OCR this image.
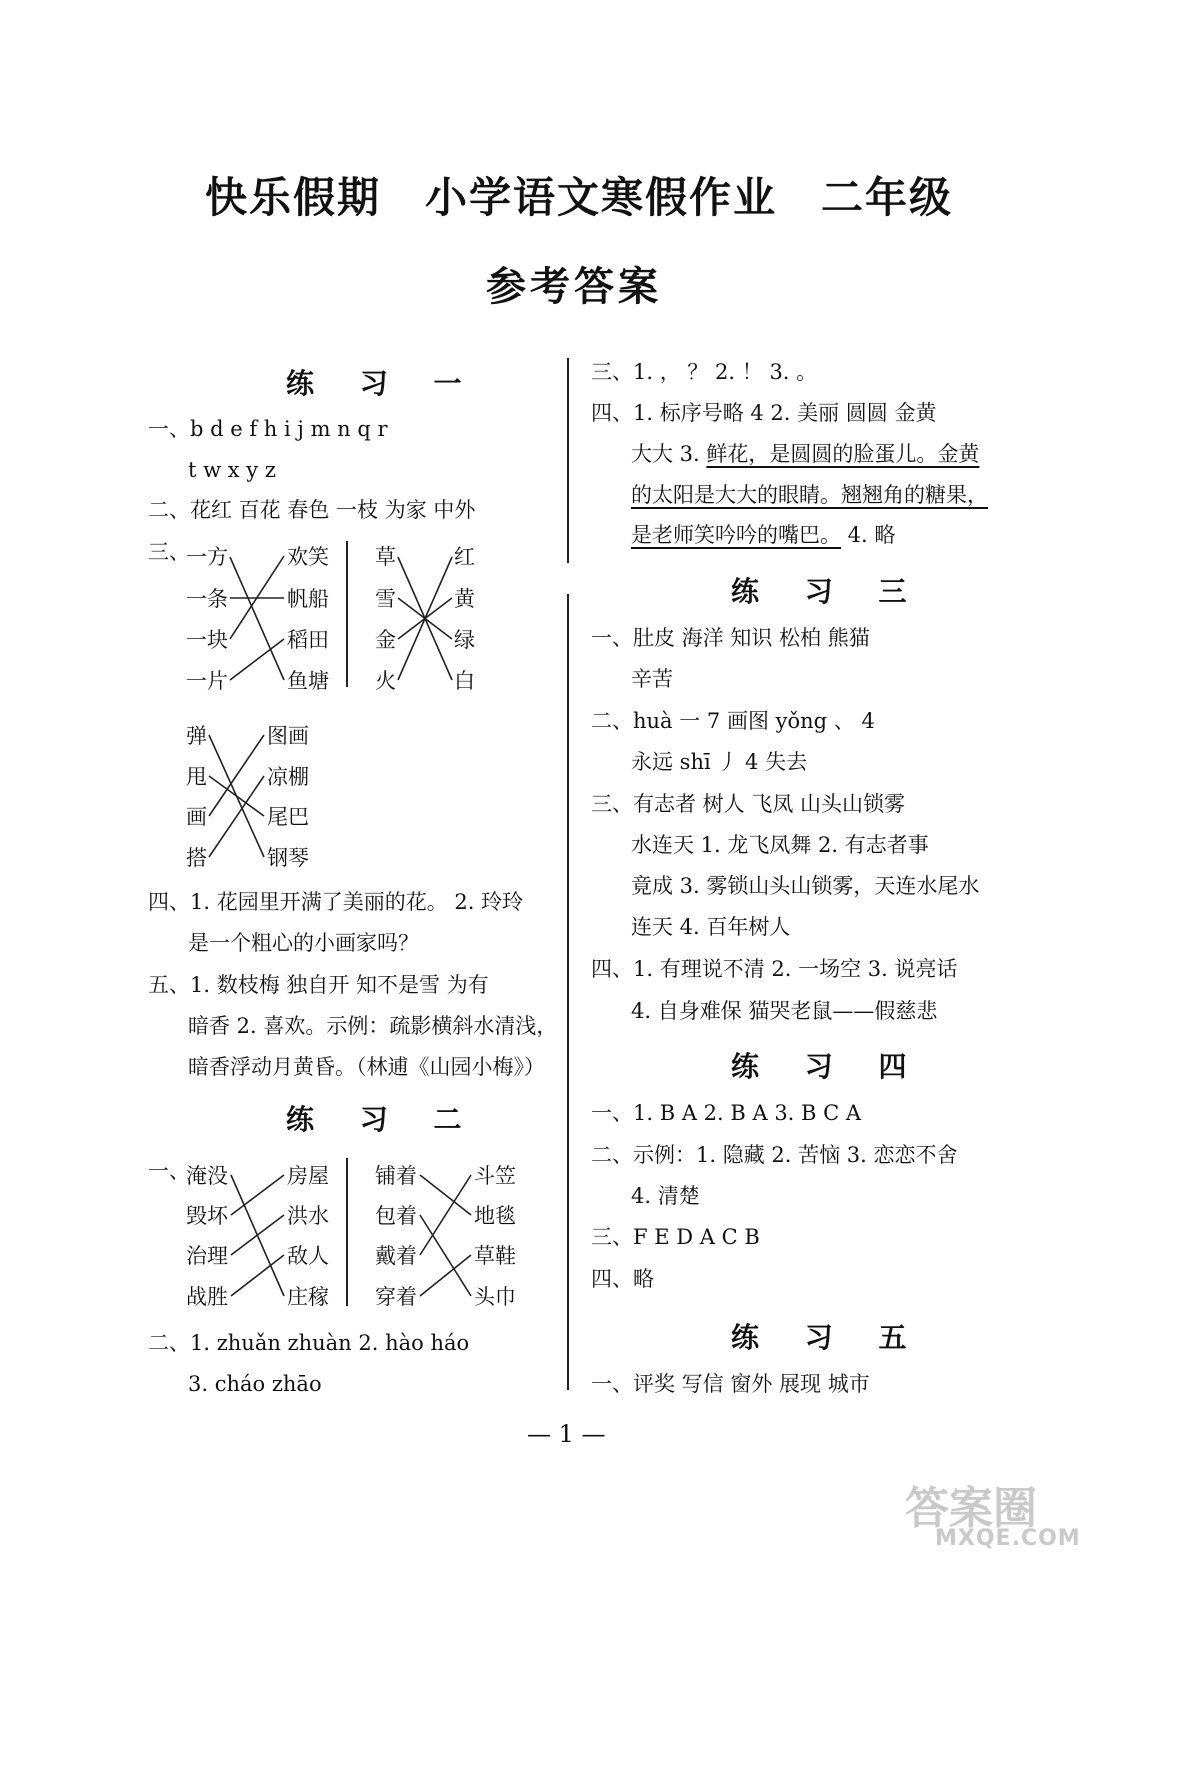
快乐假期　小学语文寒假作业　二年级
参考答案
练 习 一
一、b d e f h i j m n q r
t w x y z
二、花红 百花 春色 一枝 为家 中外
三、
一方
一条
一块
一片
欢笑
帆船
稻田
鱼塘
草
雪
金
火
红
黄
绿
白
弹
甩
画
搭
图画
凉棚
尾巴
钢琴
四、1. 花园里开满了美丽的花。 2. 玲玲
是一个粗心的小画家吗？
五、1. 数枝梅 独自开 知不是雪 为有
暗香 2. 喜欢。示例：疏影横斜水清浅，
暗香浮动月黄昏。（林逋《山园小梅》）
练 习 二
一、
淹没
毁坏
治理
战胜
房屋
洪水
敌人
庄稼
铺着
包着
戴着
穿着
斗笠
地毯
草鞋
头巾
二、1. zhuǎn zhuàn 2. hào háo
3. cháo zhāo
三、1. ， ？ 2. ！ 3. 。
四、1. 标序号略 4 2. 美丽 圆圆 金黄
大大 3. 鲜花，是圆圆的脸蛋儿。金黄
的太阳是大大的眼睛。翘翘角的糖果，
是老师笑吟吟的嘴巴。 4. 略
练 习 三
一、肚皮 海洋 知识 松柏 熊猫
辛苦
二、huà 一 7 画图 yǒng 、 4
永远 shī 丿 4 失去
三、有志者 树人 飞凤 山头山锁雾
水连天 1. 龙飞凤舞 2. 有志者事
竟成 3. 雾锁山头山锁雾，天连水尾水
连天 4. 百年树人
四、1. 有理说不清 2. 一场空 3. 说亮话
4. 自身难保 猫哭老鼠——假慈悲
练 习 四
一、1. B A 2. B A 3. B C A
二、示例：1. 隐藏 2. 苦恼 3. 恋恋不舍
4. 清楚
三、F E D A C B
四、略
练 习 五
一、评奖 写信 窗外 展现 城市
— 1 —
答案圈
MXQE.COM
